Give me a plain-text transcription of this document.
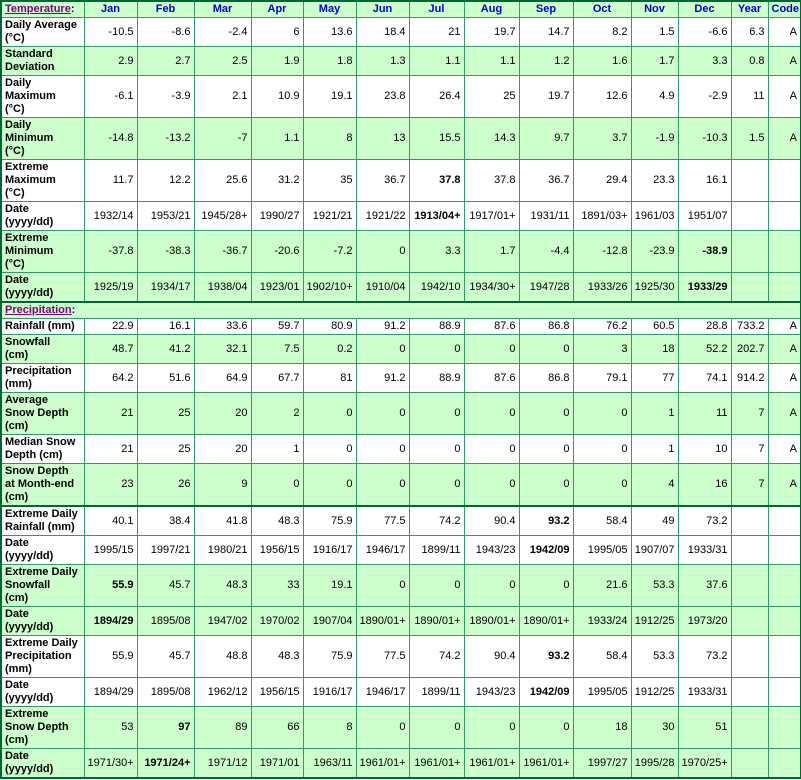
Temperature:	Jan	Feb	Mar	Apr	May	Jun	Jul	Aug	Sep	Oct	Nov	Dec	Year	Code
Daily Average
(°C)	-10.5	-8.6	-2.4	6	13.6	18.4	21	19.7	14.7	8.2	1.5	-6.6	6.3	A
Standard
Deviation	2.9	2.7	2.5	1.9	1.8	1.3	1.1	1.1	1.2	1.6	1.7	3.3	0.8	A
Daily
Maximum
(°C)	-6.1	-3.9	2.1	10.9	19.1	23.8	26.4	25	19.7	12.6	4.9	-2.9	11	A
Daily
Minimum
(°C)	-14.8	-13.2	-7	1.1	8	13	15.5	14.3	9.7	3.7	-1.9	-10.3	1.5	A
Extreme
Maximum
(°C)	11.7	12.2	25.6	31.2	35	36.7	37.8	37.8	36.7	29.4	23.3	16.1		
Date
(yyyy/dd)	1932/14	1953/21	1945/28+	1990/27	1921/21	1921/22	1913/04+	1917/01+	1931/11	1891/03+	1961/03	1951/07		
Extreme
Minimum
(°C)	-37.8	-38.3	-36.7	-20.6	-7.2	0	3.3	1.7	-4.4	-12.8	-23.9	-38.9		
Date
(yyyy/dd)	1925/19	1934/17	1938/04	1923/01	1902/10+	1910/04	1942/10	1934/30+	1947/28	1933/26	1925/30	1933/29		
Precipitation:														
Rainfall (mm)	22.9	16.1	33.6	59.7	80.9	91.2	88.9	87.6	86.8	76.2	60.5	28.8	733.2	A
Snowfall
(cm)	48.7	41.2	32.1	7.5	0.2	0	0	0	0	3	18	52.2	202.7	A
Precipitation
(mm)	64.2	51.6	64.9	67.7	81	91.2	88.9	87.6	86.8	79.1	77	74.1	914.2	A
Average
Snow Depth
(cm)	21	25	20	2	0	0	0	0	0	0	1	11	7	A
Median Snow
Depth (cm)	21	25	20	1	0	0	0	0	0	0	1	10	7	A
Snow Depth
at Month-end
(cm)	23	26	9	0	0	0	0	0	0	0	4	16	7	A
Extreme Daily
Rainfall (mm)	40.1	38.4	41.8	48.3	75.9	77.5	74.2	90.4	93.2	58.4	49	73.2		
Date
(yyyy/dd)	1995/15	1997/21	1980/21	1956/15	1916/17	1946/17	1899/11	1943/23	1942/09	1995/05	1907/07	1933/31		
Extreme Daily
Snowfall
(cm)	55.9	45.7	48.3	33	19.1	0	0	0	0	21.6	53.3	37.6		
Date
(yyyy/dd)	1894/29	1895/08	1947/02	1970/02	1907/04	1890/01+	1890/01+	1890/01+	1890/01+	1933/24	1912/25	1973/20		
Extreme Daily
Precipitation
(mm)	55.9	45.7	48.8	48.3	75.9	77.5	74.2	90.4	93.2	58.4	53.3	73.2		
Date
(yyyy/dd)	1894/29	1895/08	1962/12	1956/15	1916/17	1946/17	1899/11	1943/23	1942/09	1995/05	1912/25	1933/31		
Extreme
Snow Depth
(cm)	53	97	89	66	8	0	0	0	0	18	30	51		
Date
(yyyy/dd)	1971/30+	1971/24+	1971/12	1971/01	1963/11	1961/01+	1961/01+	1961/01+	1961/01+	1997/27	1995/28	1970/25+		
